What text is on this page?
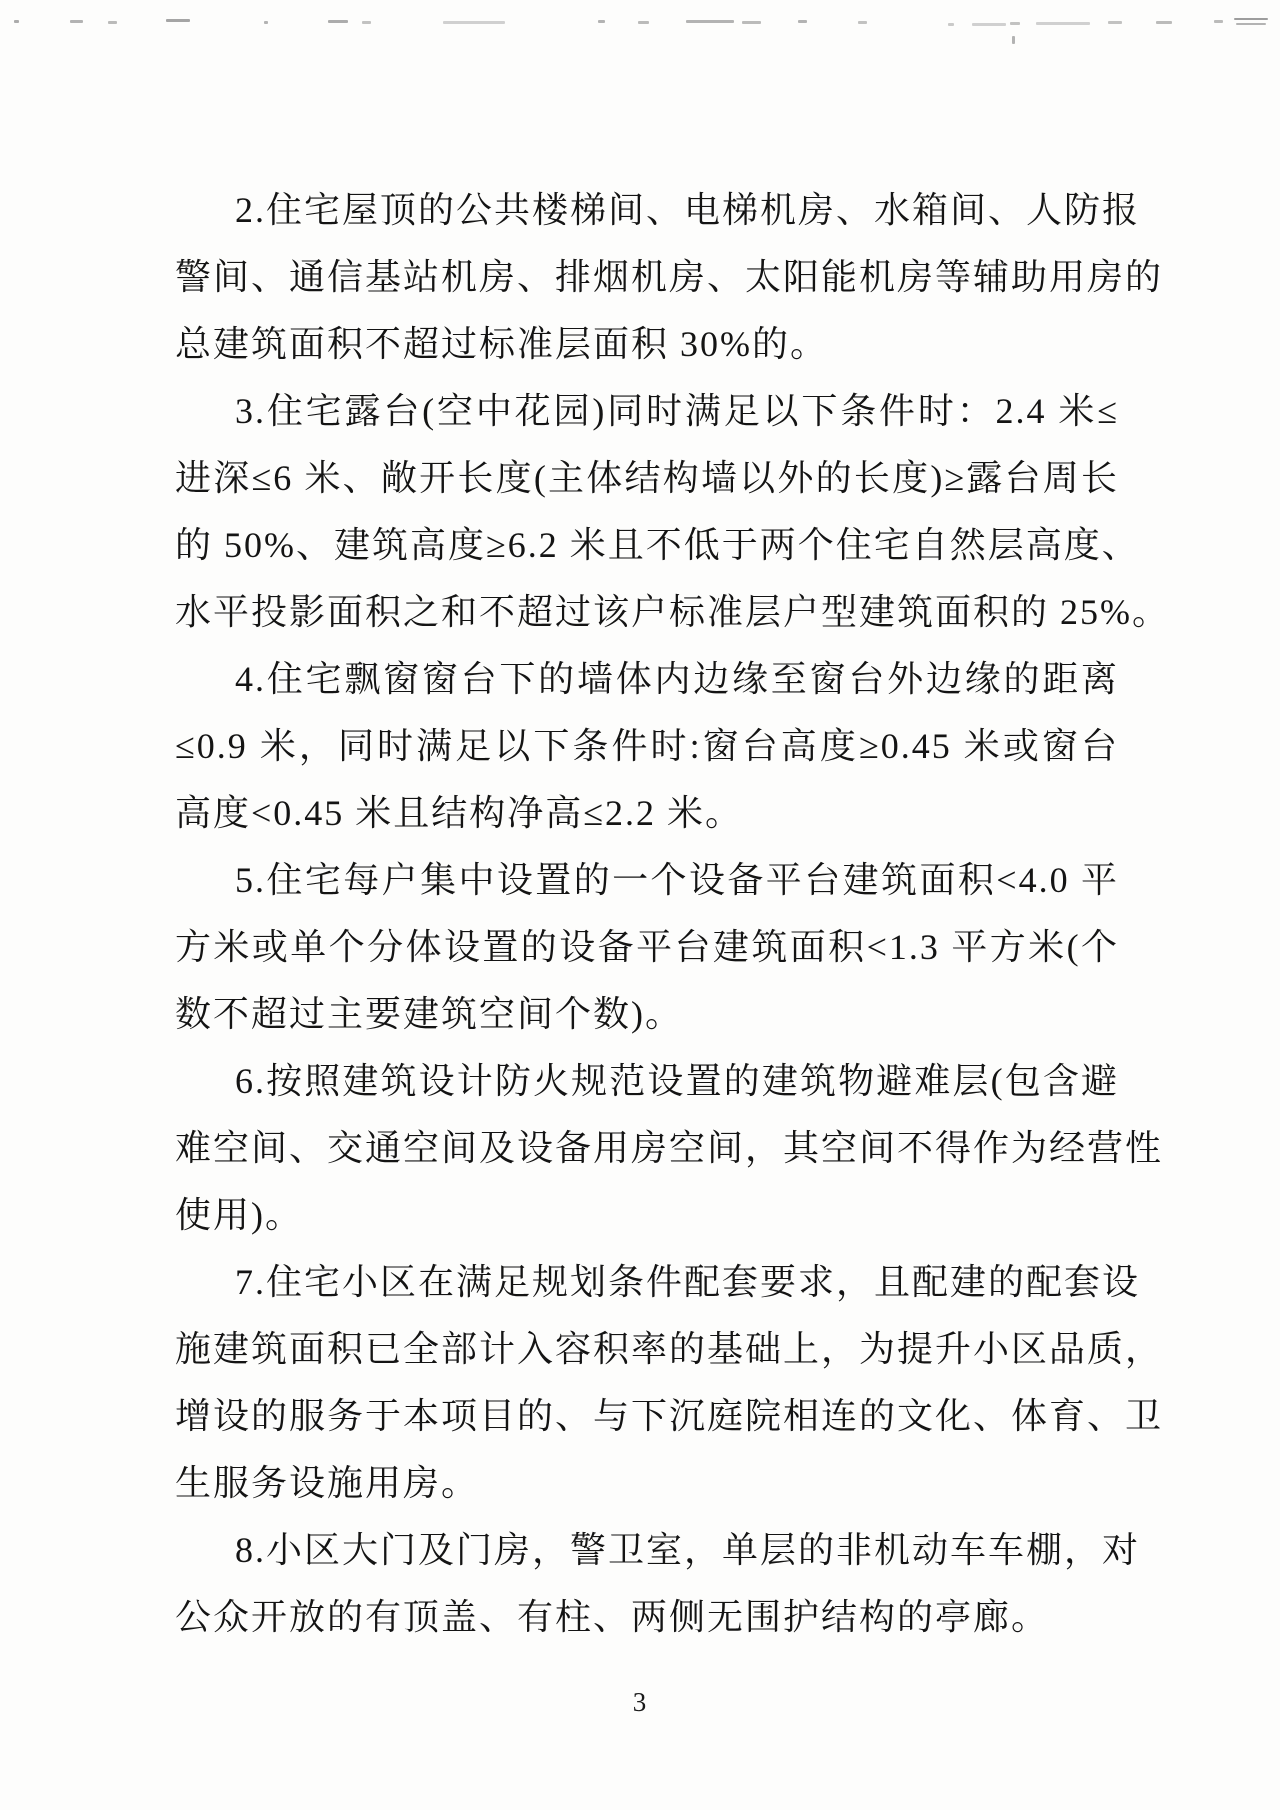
2.住宅屋顶的公共楼梯间、电梯机房、水箱间、人防报
警间、通信基站机房、排烟机房、太阳能机房等辅助用房的
总建筑面积不超过标准层面积 30%的。
3.住宅露台(空中花园)同时满足以下条件时：2.4 米≤
进深≤6 米、敞开长度(主体结构墙以外的长度)≥露台周长
的 50%、建筑高度≥6.2 米且不低于两个住宅自然层高度、
水平投影面积之和不超过该户标准层户型建筑面积的 25%。
4.住宅飘窗窗台下的墙体内边缘至窗台外边缘的距离
≤0.9 米，同时满足以下条件时:窗台高度≥0.45 米或窗台
高度<0.45 米且结构净高≤2.2 米。
5.住宅每户集中设置的一个设备平台建筑面积<4.0 平
方米或单个分体设置的设备平台建筑面积<1.3 平方米(个
数不超过主要建筑空间个数)。
6.按照建筑设计防火规范设置的建筑物避难层(包含避
难空间、交通空间及设备用房空间，其空间不得作为经营性
使用)。
7.住宅小区在满足规划条件配套要求，且配建的配套设
施建筑面积已全部计入容积率的基础上，为提升小区品质，
增设的服务于本项目的、与下沉庭院相连的文化、体育、卫
生服务设施用房。
8.小区大门及门房，警卫室，单层的非机动车车棚，对
公众开放的有顶盖、有柱、两侧无围护结构的亭廊。
3
